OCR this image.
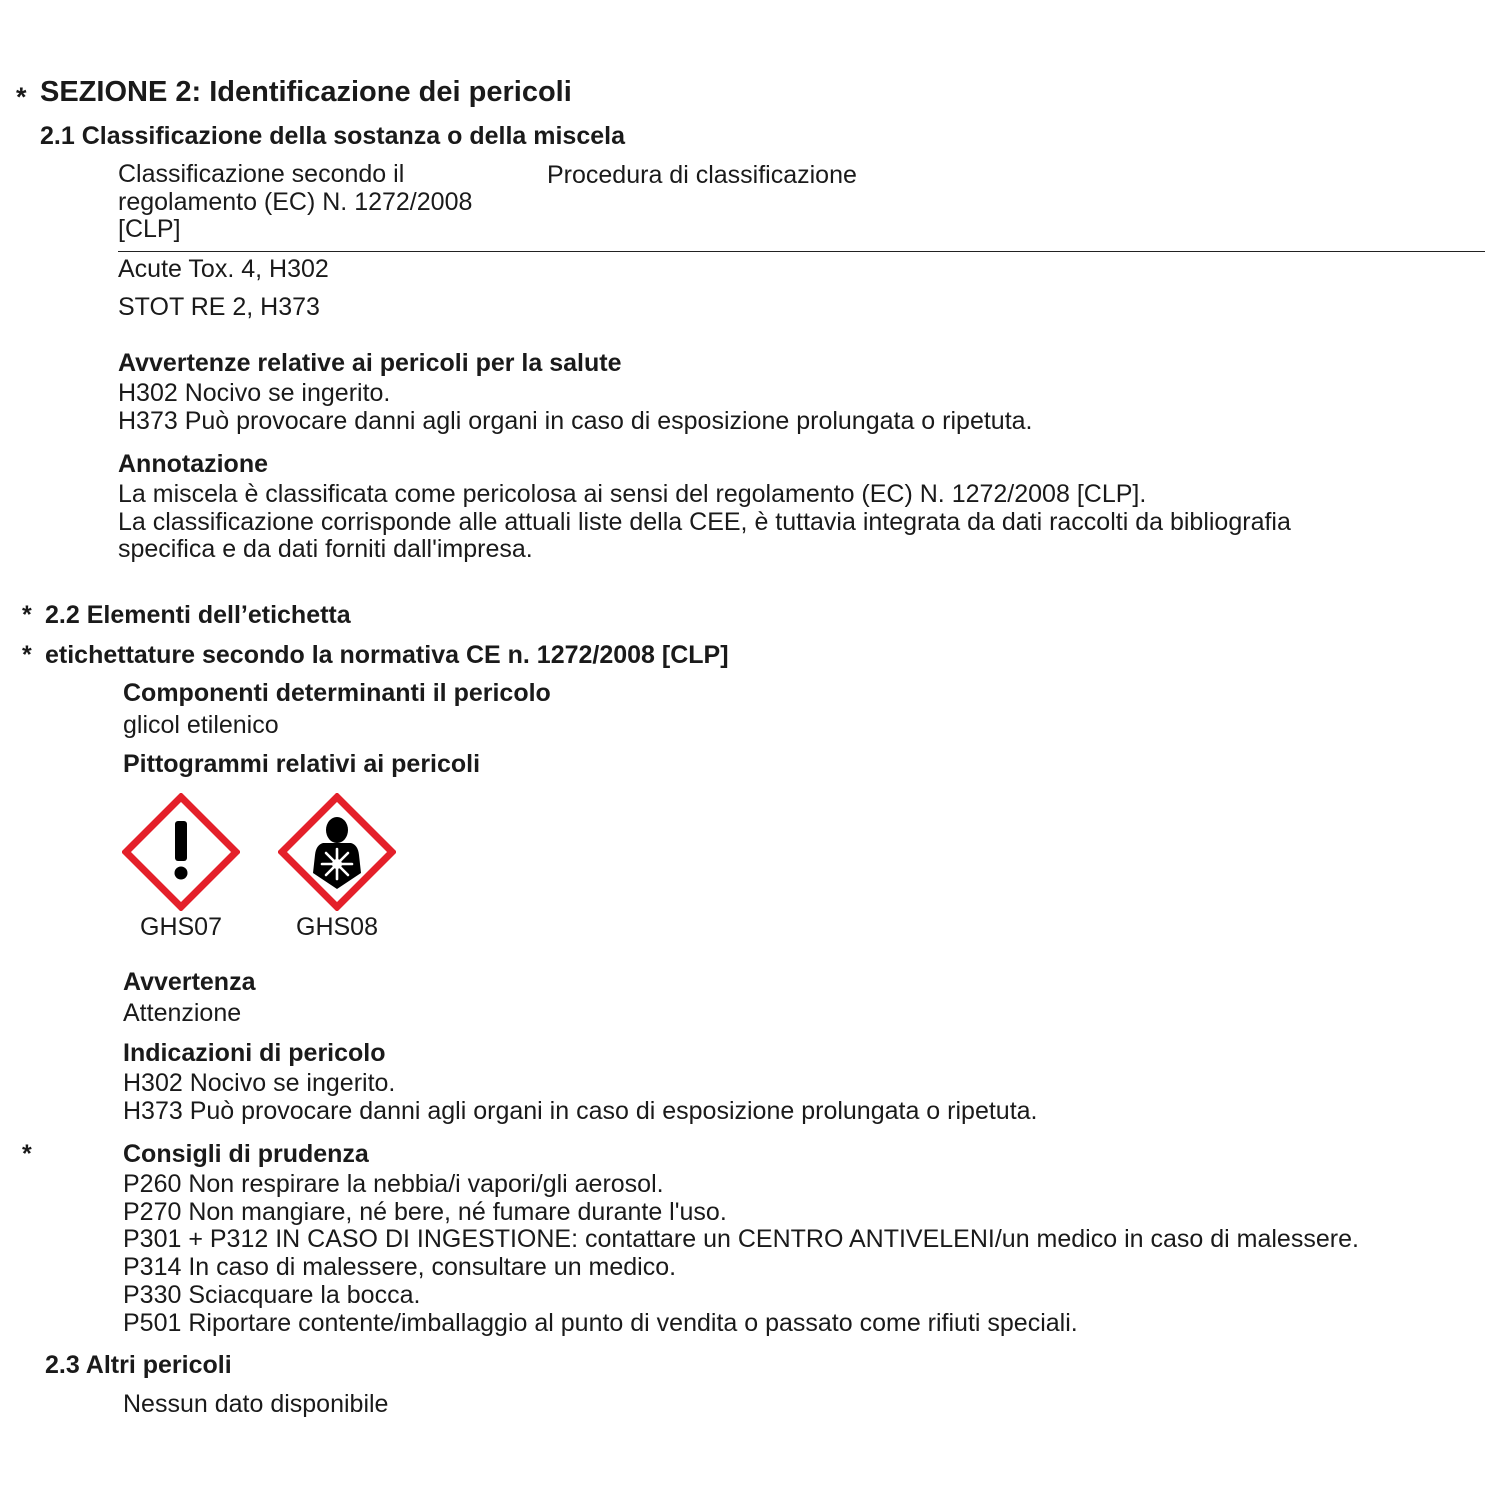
* SEZIONE 2: Identificazione dei pericoli
2.1 Classificazione della sostanza o della miscela
Classificazione secondo il
regolamento (EC) N. 1272/2008
[CLP]
Procedura di classificazione
Acute Tox. 4, H302
STOT RE 2, H373
Avvertenze relative ai pericoli per la salute
H302 Nocivo se ingerito.
H373 Può provocare danni agli organi in caso di esposizione prolungata o ripetuta.
Annotazione
La miscela è classificata come pericolosa ai sensi del regolamento (EC) N. 1272/2008 [CLP].
La classificazione corrisponde alle attuali liste della CEE, è tuttavia integrata da dati raccolti da bibliografia
specifica e da dati forniti dall'impresa.
* 2.2 Elementi dell’etichetta
* etichettature secondo la normativa CE n. 1272/2008 [CLP]
Componenti determinanti il pericolo
glicol etilenico
Pittogrammi relativi ai pericoli
GHS07	GHS08
Avvertenza
Attenzione
Indicazioni di pericolo
H302 Nocivo se ingerito.
H373 Può provocare danni agli organi in caso di esposizione prolungata o ripetuta.
*	Consigli di prudenza
P260 Non respirare la nebbia/i vapori/gli aerosol.
P270 Non mangiare, né bere, né fumare durante l'uso.
P301 + P312 IN CASO DI INGESTIONE: contattare un CENTRO ANTIVELENI/un medico in caso di malessere.
P314 In caso di malessere, consultare un medico.
P330 Sciacquare la bocca.
P501 Riportare contente/imballaggio al punto di vendita o passato come rifiuti speciali.
2.3 Altri pericoli
Nessun dato disponibile
